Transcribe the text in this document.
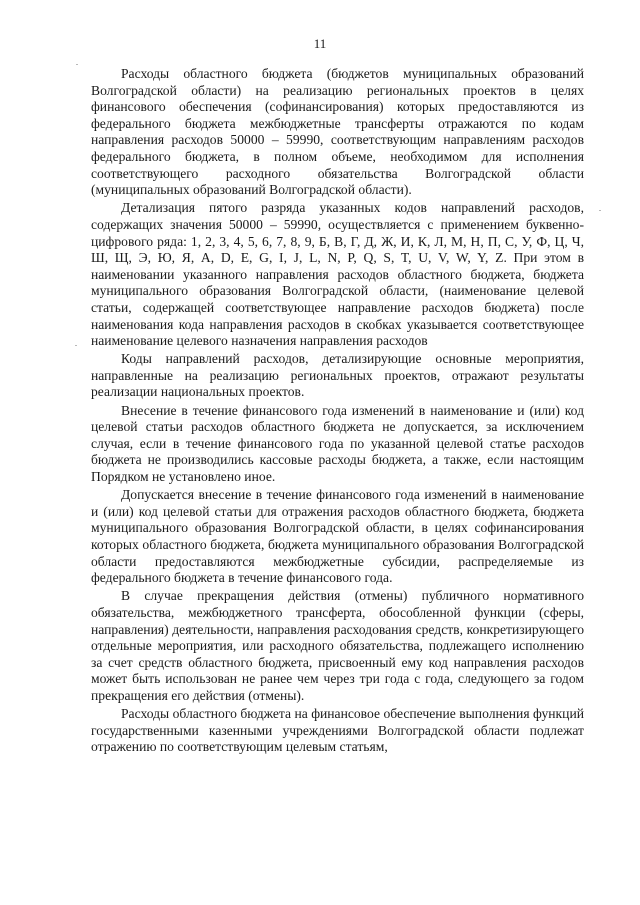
11

Расходы областного бюджета (бюджетов муниципальных образований Волгоградской области) на реализацию региональных проектов в целях финансового обеспечения (софинансирования) которых предоставляются из федерального бюджета межбюджетные трансферты отражаются по кодам направления расходов 50000 – 59990, соответствующим направлениям расходов федерального бюджета, в полном объеме, необходимом для исполнения соответствующего расходного обязательства Волгоградской области (муниципальных образований Волгоградской области).

Детализация пятого разряда указанных кодов направлений расходов, содержащих значения 50000 – 59990, осуществляется с применением буквенно-цифрового ряда: 1, 2, 3, 4, 5, 6, 7, 8, 9, Б, В, Г, Д, Ж, И, К, Л, М, Н, П, С, У, Ф, Ц, Ч, Ш, Щ, Э, Ю, Я, A, D, E, G, I, J, L, N, P, Q, S, T, U, V, W, Y, Z. При этом в наименовании указанного направления расходов областного бюджета, бюджета муниципального образования Волгоградской области, (наименование целевой статьи, содержащей соответствующее направление расходов бюджета) после наименования кода направления расходов в скобках указывается соответствующее наименование целевого назначения направления расходов

Коды направлений расходов, детализирующие основные мероприятия, направленные на реализацию региональных проектов, отражают результаты реализации национальных проектов.

Внесение в течение финансового года изменений в наименование и (или) код целевой статьи расходов областного бюджета не допускается, за исключением случая, если в течение финансового года по указанной целевой статье расходов бюджета не производились кассовые расходы бюджета, а также, если настоящим Порядком не установлено иное.

Допускается внесение в течение финансового года изменений в наименование и (или) код целевой статьи для отражения расходов областного бюджета, бюджета муниципального образования Волгоградской области, в целях софинансирования которых областного бюджета, бюджета муниципального образования Волгоградской области предоставляются межбюджетные субсидии, распределяемые из федерального бюджета в течение финансового года.

В случае прекращения действия (отмены) публичного нормативного обязательства, межбюджетного трансферта, обособленной функции (сферы, направления) деятельности, направления расходования средств, конкретизирующего отдельные мероприятия, или расходного обязательства, подлежащего исполнению за счет средств областного бюджета, присвоенный ему код направления расходов может быть использован не ранее чем через три года с года, следующего за годом прекращения его действия (отмены).

Расходы областного бюджета на финансовое обеспечение выполнения функций государственными казенными учреждениями Волгоградской области подлежат отражению по соответствующим целевым статьям,
